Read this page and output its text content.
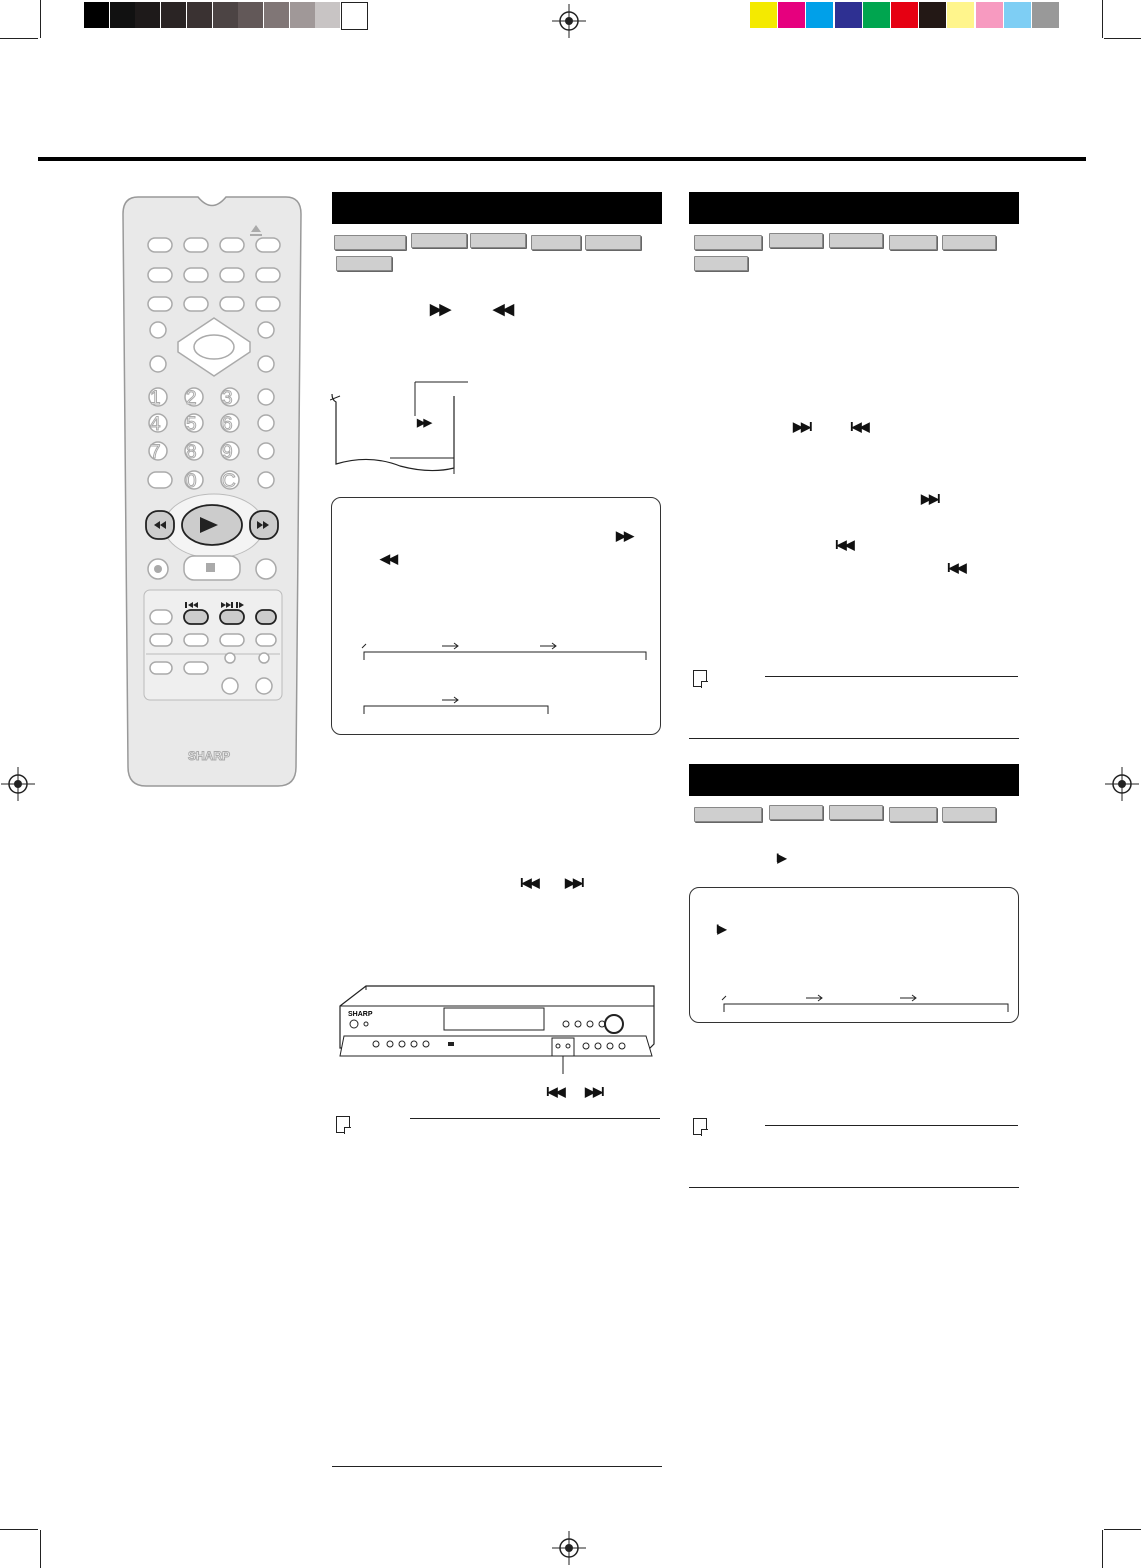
1 2 3
4 5 6
7 8 9
0 C
SHARP
▶▶	◀◀
▶▶
▶▶
◀◀
I◀◀ ▶▶I
SHARP
I◀◀ ▶▶I
▶▶I	I◀◀
▶▶I
I◀◀
I◀◀
I▶
I▶
